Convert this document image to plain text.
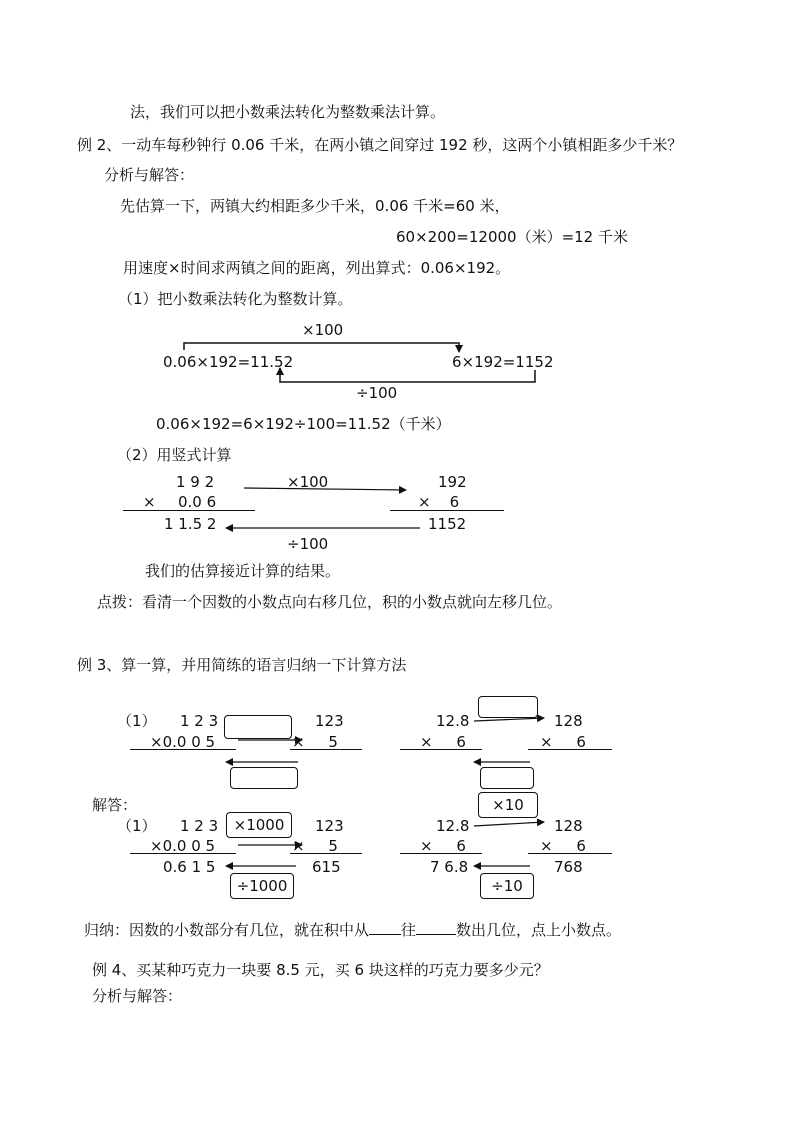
法，我们可以把小数乘法转化为整数乘法计算。
例 2、一动车每秒钟行 0.06 千米，在两小镇之间穿过 192 秒，这两个小镇相距多少千米？
分析与解答：
先估算一下，两镇大约相距多少千米，0.06 千米=60 米，
60×200=12000（米）=12 千米
用速度×时间求两镇之间的距离，列出算式：0.06×192。
（1）把小数乘法转化为整数计算。
×100
0.06×192=11.52	6×192=1152
÷100
0.06×192=6×192÷100=11.52（千米）
（2）用竖式计算
1 9 2
× 0.0 6
1 1.5 2
×100	192
×    6
1152
÷100
我们的估算接近计算的结果。
点拨：看清一个因数的小数点向右移几位，积的小数点就向左移几位。
例 3、算一算，并用简练的语言归纳一下计算方法
（1） 1 2 3
×0.0 0 5
123
×     5
12.8
×     6
128
×     6
解答：	×10
（1） 1 2 3
×0.0 0 5
0.6 1 5
×1000
÷1000
123
×     5
615
12.8
×     6
7 6.8
÷10
128
×     6
768
归纳：因数的小数部分有几位，就在积中从 往	数出几位，点上小数点。
例 4、买某种巧克力一块要 8.5 元，买 6 块这样的巧克力要多少元？
分析与解答：
